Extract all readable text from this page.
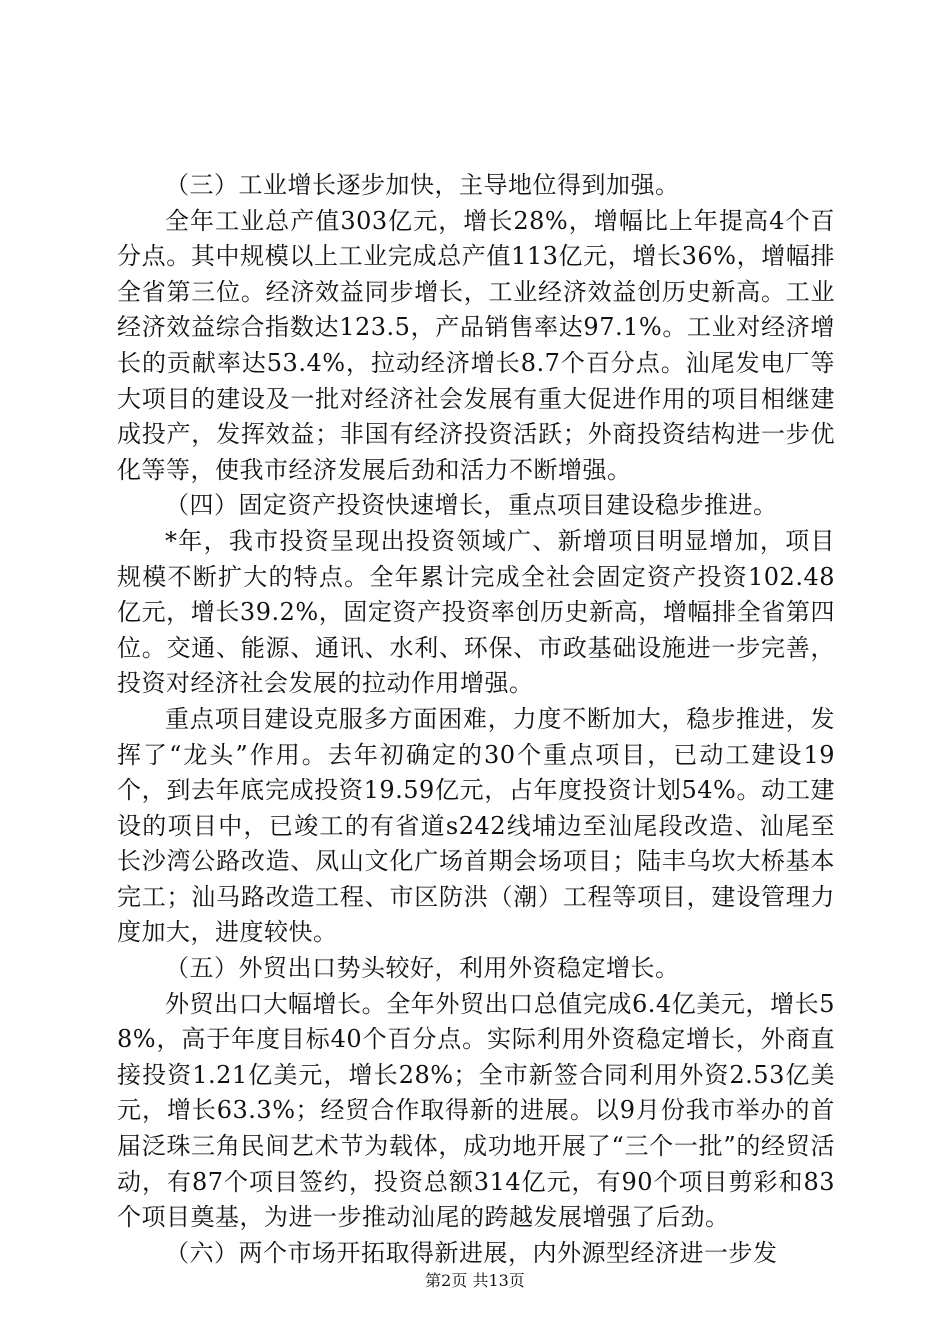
（三）工业增长逐步加快，主导地位得到加强。

全年工业总产值303亿元，增长28%，增幅比上年提高4个百分点。其中规模以上工业完成总产值113亿元，增长36%，增幅排全省第三位。经济效益同步增长，工业经济效益创历史新高。工业经济效益综合指数达123.5，产品销售率达97.1%。工业对经济增长的贡献率达53.4%，拉动经济增长8.7个百分点。汕尾发电厂等大项目的建设及一批对经济社会发展有重大促进作用的项目相继建成投产，发挥效益；非国有经济投资活跃；外商投资结构进一步优化等等，使我市经济发展后劲和活力不断增强。

（四）固定资产投资快速增长，重点项目建设稳步推进。

*年，我市投资呈现出投资领域广、新增项目明显增加，项目规模不断扩大的特点。全年累计完成全社会固定资产投资102.48亿元，增长39.2%，固定资产投资率创历史新高，增幅排全省第四位。交通、能源、通讯、水利、环保、市政基础设施进一步完善，投资对经济社会发展的拉动作用增强。

重点项目建设克服多方面困难，力度不断加大，稳步推进，发挥了“龙头”作用。去年初确定的30个重点项目，已动工建设19个，到去年底完成投资19.59亿元，占年度投资计划54%。动工建设的项目中，已竣工的有省道s242线埔边至汕尾段改造、汕尾至长沙湾公路改造、凤山文化广场首期会场项目；陆丰乌坎大桥基本完工；汕马路改造工程、市区防洪（潮）工程等项目，建设管理力度加大，进度较快。

（五）外贸出口势头较好，利用外资稳定增长。

外贸出口大幅增长。全年外贸出口总值完成6.4亿美元，增长58%，高于年度目标40个百分点。实际利用外资稳定增长，外商直接投资1.21亿美元，增长28%；全市新签合同利用外资2.53亿美元，增长63.3%；经贸合作取得新的进展。以9月份我市举办的首届泛珠三角民间艺术节为载体，成功地开展了“三个一批”的经贸活动，有87个项目签约，投资总额314亿元，有90个项目剪彩和83个项目奠基，为进一步推动汕尾的跨越发展增强了后劲。

（六）两个市场开拓取得新进展，内外源型经济进一步发

第2页 共13页
